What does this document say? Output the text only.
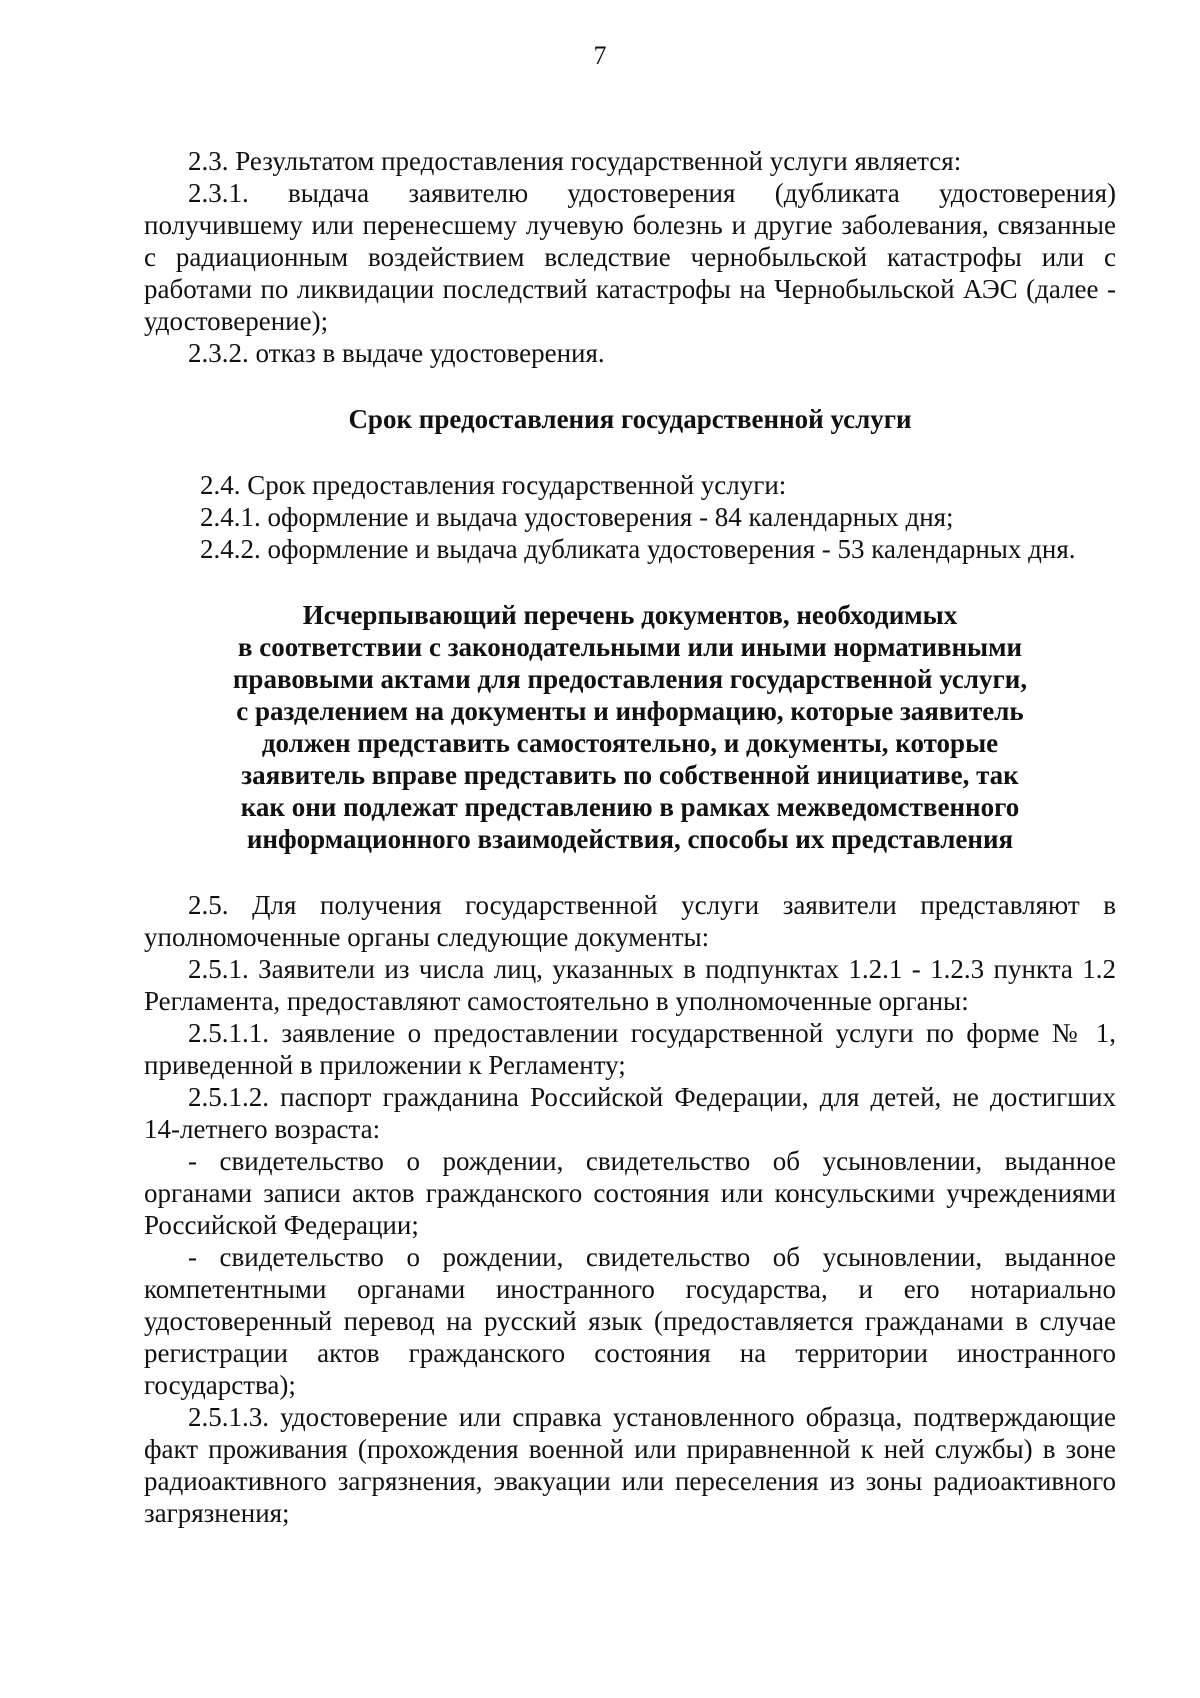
7

2.3. Результатом предоставления государственной услуги является:

2.3.1. выдача заявителю удостоверения (дубликата удостоверения) получившему или перенесшему лучевую болезнь и другие заболевания, связанные с радиационным воздействием вследствие чернобыльской катастрофы или с работами по ликвидации последствий катастрофы на Чернобыльской АЭС (далее - удостоверение);

2.3.2. отказ в выдаче удостоверения.

Срок предоставления государственной услуги

2.4. Срок предоставления государственной услуги:

2.4.1. оформление и выдача удостоверения - 84 календарных дня;

2.4.2. оформление и выдача дубликата удостоверения - 53 календарных дня.

Исчерпывающий перечень документов, необходимых
в соответствии с законодательными или иными нормативными
правовыми актами для предоставления государственной услуги,
с разделением на документы и информацию, которые заявитель
должен представить самостоятельно, и документы, которые
заявитель вправе представить по собственной инициативе, так
как они подлежат представлению в рамках межведомственного
информационного взаимодействия, способы их представления

2.5. Для получения государственной услуги заявители представляют в уполномоченные органы следующие документы:

2.5.1. Заявители из числа лиц, указанных в подпунктах 1.2.1 - 1.2.3 пункта 1.2 Регламента, предоставляют самостоятельно в уполномоченные органы:

2.5.1.1. заявление о предоставлении государственной услуги по форме № 1, приведенной в приложении к Регламенту;

2.5.1.2. паспорт гражданина Российской Федерации, для детей, не достигших 14-летнего возраста:

- свидетельство о рождении, свидетельство об усыновлении, выданное органами записи актов гражданского состояния или консульскими учреждениями Российской Федерации;

- свидетельство о рождении, свидетельство об усыновлении, выданное компетентными органами иностранного государства, и его нотариально удостоверенный перевод на русский язык (предоставляется гражданами в случае регистрации актов гражданского состояния на территории иностранного государства);

2.5.1.3. удостоверение или справка установленного образца, подтверждающие факт проживания (прохождения военной или приравненной к ней службы) в зоне радиоактивного загрязнения, эвакуации или переселения из зоны радиоактивного загрязнения;
